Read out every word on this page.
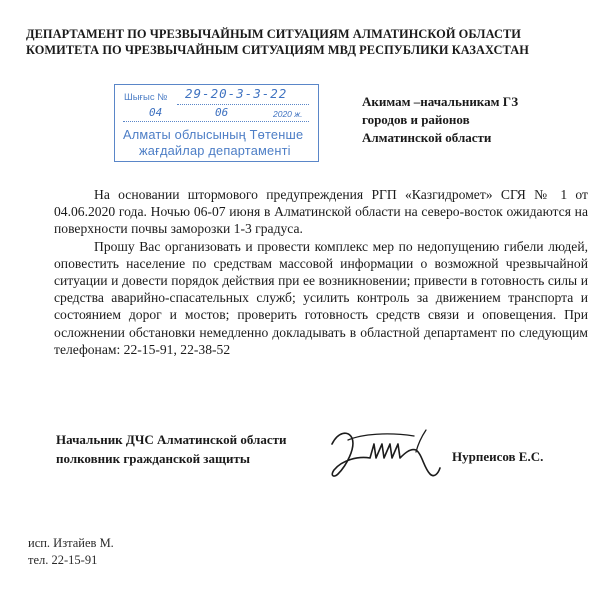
ДЕПАРТАМЕНТ ПО ЧРЕЗВЫЧАЙНЫМ СИТУАЦИЯМ АЛМАТИНСКОЙ ОБЛАСТИ
КОМИТЕТА ПО ЧРЕЗВЫЧАЙНЫМ СИТУАЦИЯМ МВД РЕСПУБЛИКИ КАЗАХСТАН
Шығыс № 29-20-3-3-22
04	06	2020 ж.
Алматы облысының Төтенше
жағдайлар департаменті
Акимам –начальникам ГЗ
городов и районов
Алматинской области

На основании штормового предупреждения РГП «Казгидромет» СГЯ № 1 от 04.06.2020 года. Ночью 06-07 июня в Алматинской области на северо-восток ожидаются на поверхности почвы заморозки 1-3 градуса.

Прошу Вас организовать и провести комплекс мер по недопущению гибели людей, оповестить население по средствам массовой информации о возможной чрезвычайной ситуации и довести порядок действия при ее возникновении; привести в готовность силы и средства аварийно-спасательных служб; усилить контроль за движением транспорта и состоянием дорог и мостов; проверить готовность средств связи и оповещения. При осложнении обстановки немедленно докладывать в областной департамент по следующим телефонам: 22-15-91, 22-38-52

Начальник ДЧС Алматинской области
полковник гражданской защиты	Нурпеисов Е.С.
исп. Изтайев М.
тел. 22-15-91
